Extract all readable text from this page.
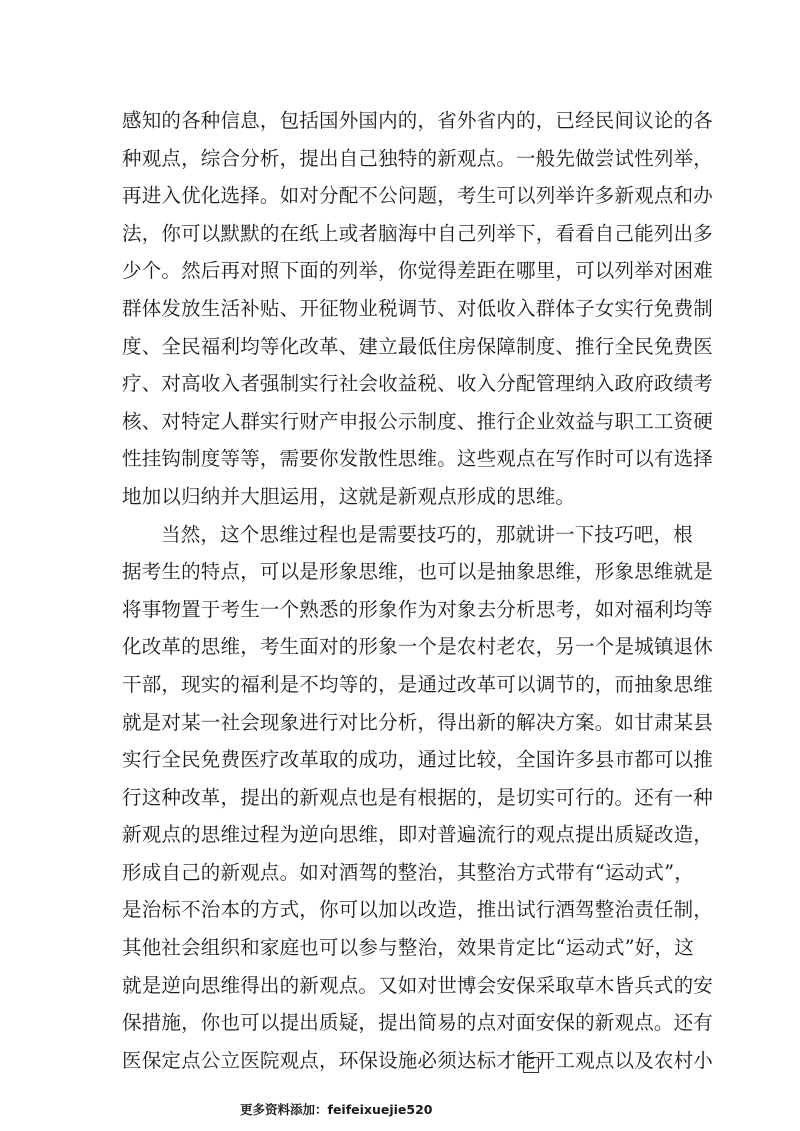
感知的各种信息，包括国外国内的，省外省内的，已经民间议论的各
种观点，综合分析，提出自己独特的新观点。一般先做尝试性列举，
再进入优化选择。如对分配不公问题，考生可以列举许多新观点和办
法，你可以默默的在纸上或者脑海中自己列举下，看看自己能列出多
少个。然后再对照下面的列举，你觉得差距在哪里，可以列举对困难
群体发放生活补贴、开征物业税调节、对低收入群体子女实行免费制
度、全民福利均等化改革、建立最低住房保障制度、推行全民免费医
疗、对高收入者强制实行社会收益税、收入分配管理纳入政府政绩考
核、对特定人群实行财产申报公示制度、推行企业效益与职工工资硬
性挂钩制度等等，需要你发散性思维。这些观点在写作时可以有选择
地加以归纳并大胆运用，这就是新观点形成的思维。
当然，这个思维过程也是需要技巧的，那就讲一下技巧吧，根
据考生的特点，可以是形象思维，也可以是抽象思维，形象思维就是
将事物置于考生一个熟悉的形象作为对象去分析思考，如对福利均等
化改革的思维，考生面对的形象一个是农村老农，另一个是城镇退休
干部，现实的福利是不均等的，是通过改革可以调节的，而抽象思维
就是对某一社会现象进行对比分析，得出新的解决方案。如甘肃某县
实行全民免费医疗改革取的成功，通过比较，全国许多县市都可以推
行这种改革，提出的新观点也是有根据的，是切实可行的。还有一种
新观点的思维过程为逆向思维，即对普遍流行的观点提出质疑改造，
形成自己的新观点。如对酒驾的整治，其整治方式带有“运动式”，
是治标不治本的方式，你可以加以改造，推出试行酒驾整治责任制，
其他社会组织和家庭也可以参与整治，效果肯定比“运动式”好，这
就是逆向思维得出的新观点。又如对世博会安保采取草木皆兵式的安
保措施，你也可以提出质疑，提出简易的点对面安保的新观点。还有
医保定点公立医院观点，环保设施必须达标才能开工观点以及农村小
更多资料添加：feifeixuejie520
